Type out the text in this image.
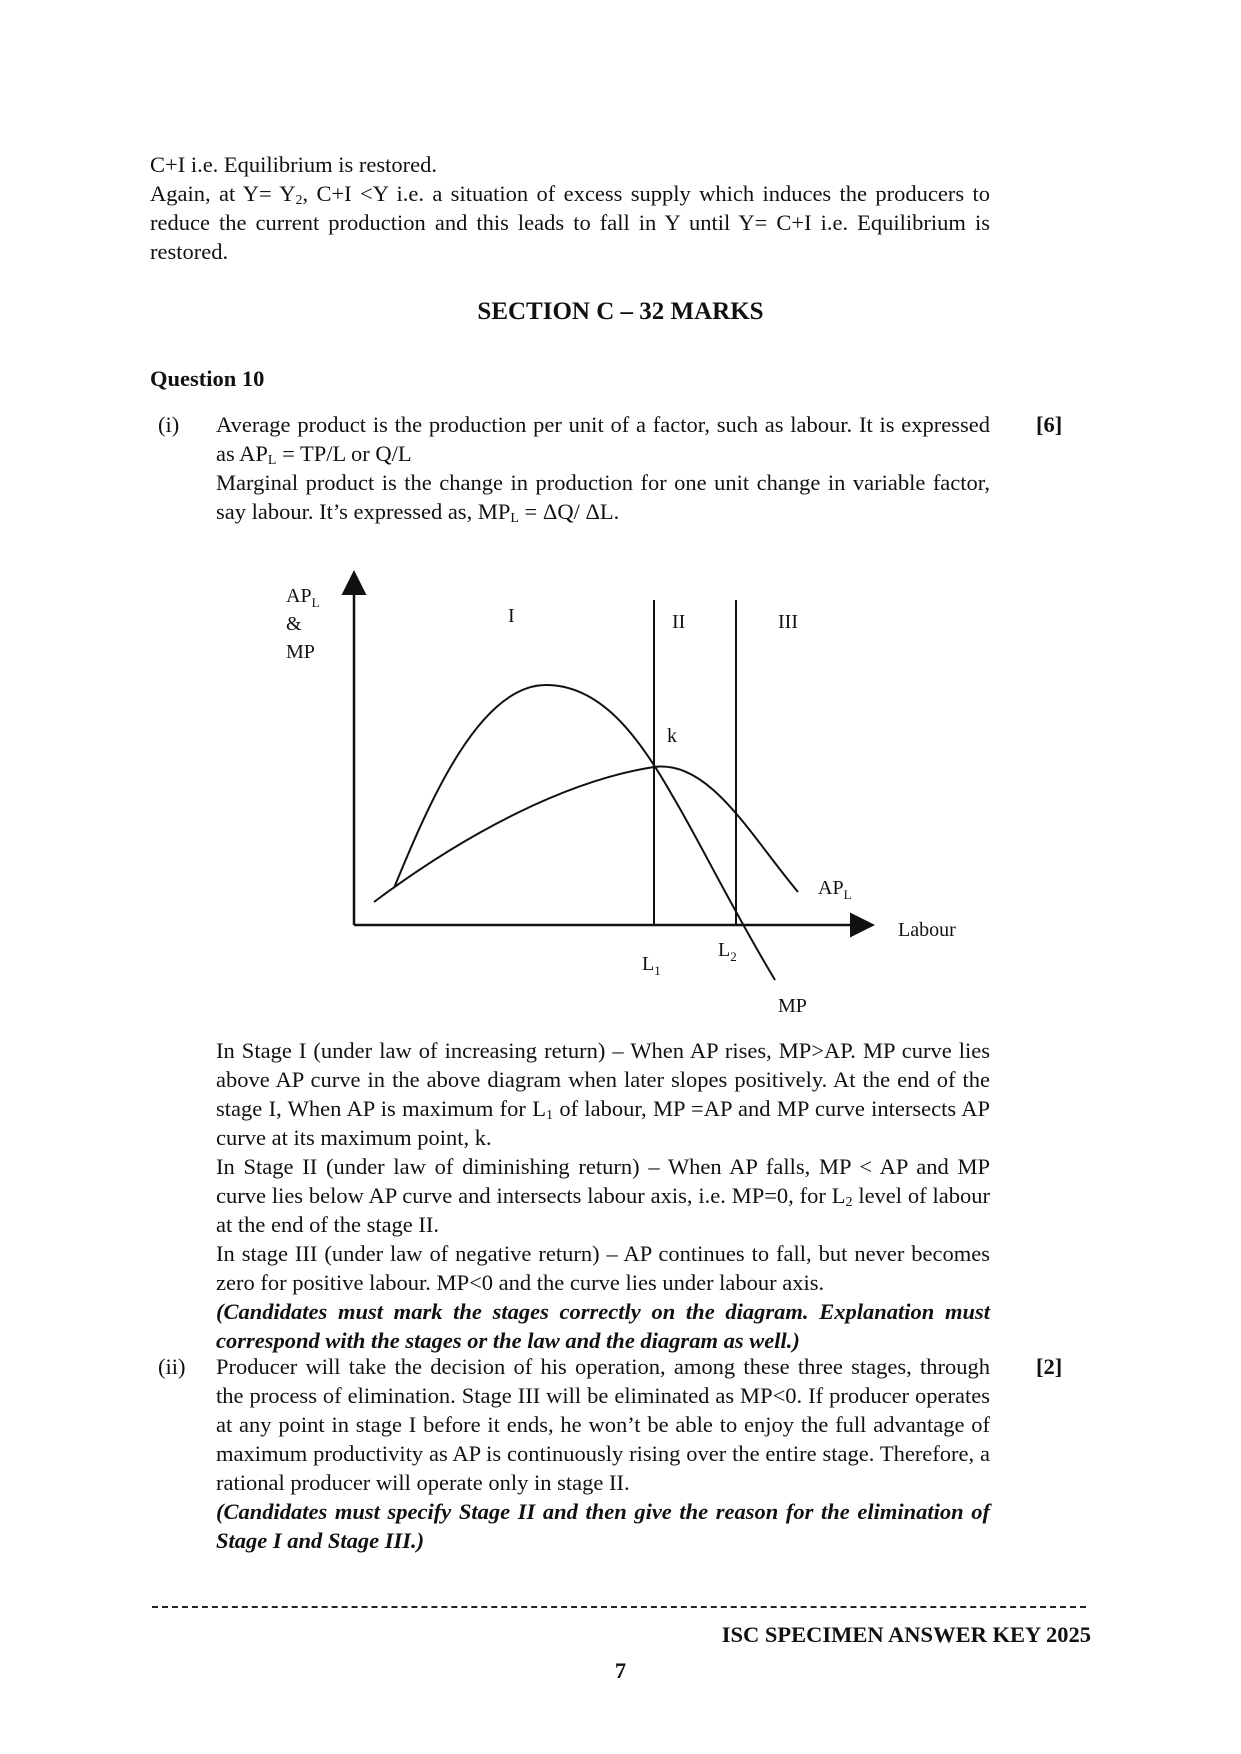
C+I i.e. Equilibrium is restored.

Again, at $Y= Y_2$, C+I <Y i.e. a situation of excess supply which induces the producers to reduce the current production and this leads to fall in Y until Y= C+I i.e. Equilibrium is restored.

SECTION C – 32 MARKS
Question 10
(i)	[6]

Average product is the production per unit of a factor, such as labour. It is expressed as $AP_L = TP/L$ or Q/L

Marginal product is the change in production for one unit change in variable factor, say labour. It’s expressed as, $MP_L = \Delta Q/$ ΔL.

$AP_L$
&
MP
I	II	III
k
$AP_L$
Labour
$L_1$
$L_2$
MP

In Stage I (under law of increasing return) – When AP rises, MP>AP. MP curve lies above AP curve in the above diagram when later slopes positively. At the end of the stage I, When AP is maximum for $L_1$ of labour, MP =AP and MP curve intersects AP curve at its maximum point, k.

In Stage II (under law of diminishing return) – When AP falls, MP < AP and MP curve lies below AP curve and intersects labour axis, i.e. MP=0, for $L_2$ level of labour at the end of the stage II.

In stage III (under law of negative return) – AP continues to fall, but never becomes zero for positive labour. MP<0 and the curve lies under labour axis.

(Candidates must mark the stages correctly on the diagram. Explanation must correspond with the stages or the law and the diagram as well.)

(ii)	[2]

Producer will take the decision of his operation, among these three stages, through the process of elimination. Stage III will be eliminated as MP<0. If producer operates at any point in stage I before it ends, he won’t be able to enjoy the full advantage of maximum productivity as AP is continuously rising over the entire stage. Therefore, a rational producer will operate only in stage II.

(Candidates must specify Stage II and then give the reason for the elimination of Stage I and Stage III.)

ISC SPECIMEN ANSWER KEY 2025
7
